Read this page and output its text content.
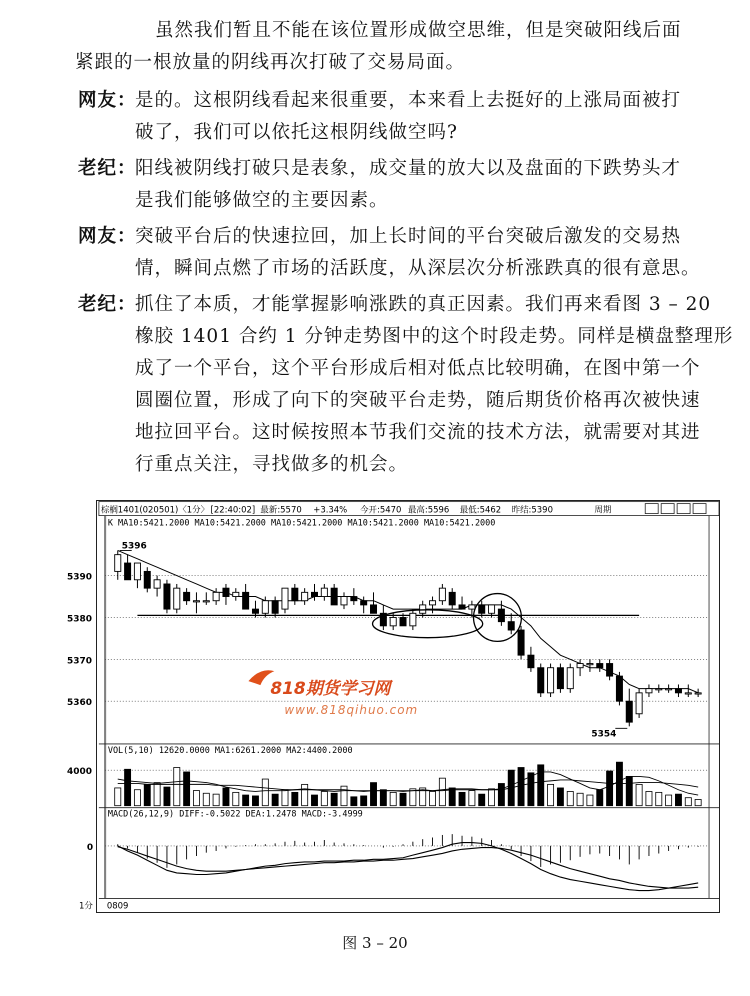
虽然我们暂且不能在该位置形成做空思维，但是突破阳线后面
紧跟的一根放量的阴线再次打破了交易局面。
网友：
是的。这根阴线看起来很重要，本来看上去挺好的上涨局面被打
破了，我们可以依托这根阴线做空吗?
老纪：
阳线被阴线打破只是表象，成交量的放大以及盘面的下跌势头才
是我们能够做空的主要因素。
网友：
突破平台后的快速拉回，加上长时间的平台突破后激发的交易热
情，瞬间点燃了市场的活跃度，从深层次分析涨跌真的很有意思。
老纪：
抓住了本质，才能掌握影响涨跌的真正因素。我们再来看图 3 – 20
橡胶 1401 合约 1 分钟走势图中的这个时段走势。同样是横盘整理形
成了一个平台，这个平台形成后相对低点比较明确，在图中第一个
圆圈位置，形成了向下的突破平台走势，随后期货价格再次被快速
地拉回平台。这时候按照本节我们交流的技术方法，就需要对其进
行重点关注，寻找做多的机会。
棕榈1401(020501)〈1分〉 [22:40:02] 最新:5570 +3.34% 今开:5470 最高:5596 最低:5462 昨结:5390	周期
K MA10:5421.2000 MA10:5421.2000 MA10:5421.2000 MA10:5421.2000 MA10:5421.2000
VOL(5,10) 12620.0000 MA1:6261.2000 MA2:4400.2000
MACD(26,12,9) DIFF:-0.5022 DEA:1.2478 MACD:-3.4999
1分 0809
5390
5380
5370
5360
5396
5354
818期货学习网
www.818qihuo.com
4000
0
图 3 – 20
